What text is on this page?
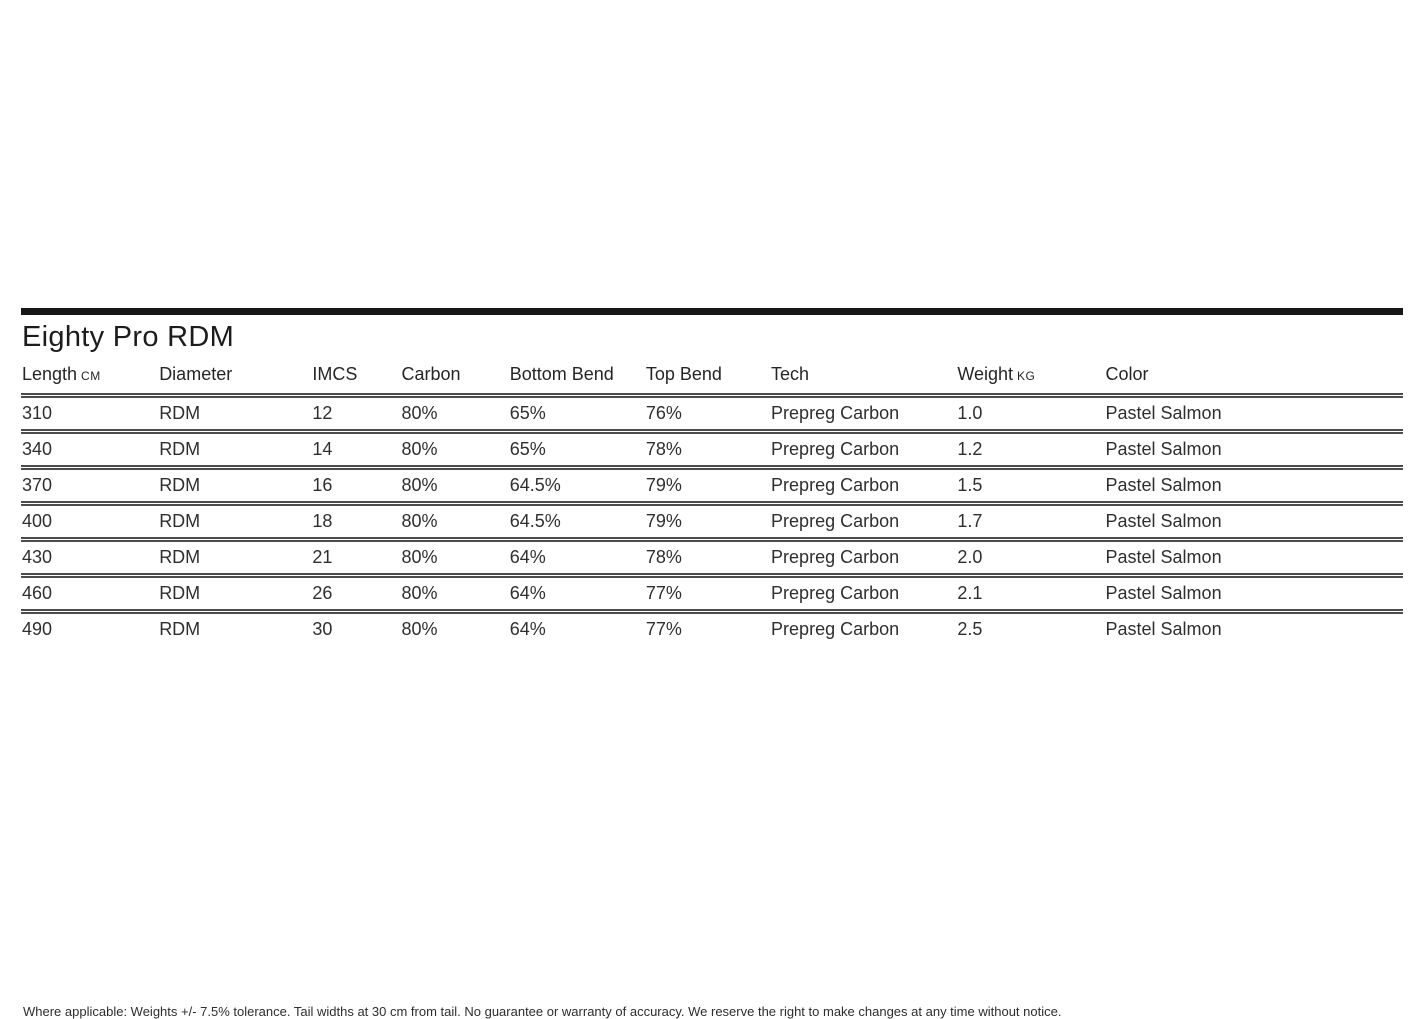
Eighty Pro RDM
Length CM	Diameter	IMCS	Carbon	Bottom Bend	Top Bend	Tech	Weight KG	Color
310	RDM	12	80%	65%	76%	Prepreg Carbon	1.0	Pastel Salmon
340	RDM	14	80%	65%	78%	Prepreg Carbon	1.2	Pastel Salmon
370	RDM	16	80%	64.5%	79%	Prepreg Carbon	1.5	Pastel Salmon
400	RDM	18	80%	64.5%	79%	Prepreg Carbon	1.7	Pastel Salmon
430	RDM	21	80%	64%	78%	Prepreg Carbon	2.0	Pastel Salmon
460	RDM	26	80%	64%	77%	Prepreg Carbon	2.1	Pastel Salmon
490	RDM	30	80%	64%	77%	Prepreg Carbon	2.5	Pastel Salmon
Where applicable: Weights +/- 7.5% tolerance. Tail widths at 30 cm from tail. No guarantee or warranty of accuracy. We reserve the right to make changes at any time without notice.
